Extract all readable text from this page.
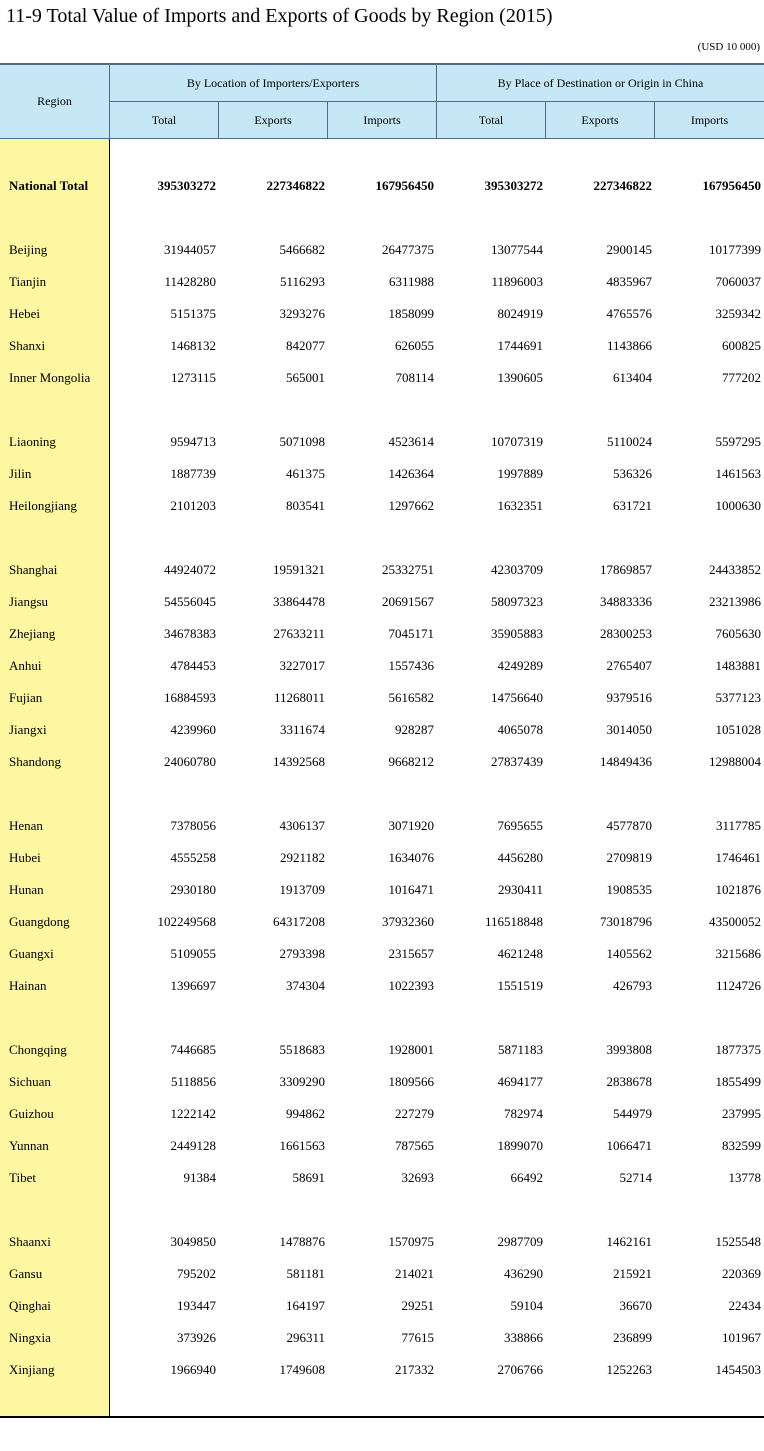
11-9 Total Value of Imports and Exports of Goods by Region (2015)
(USD 10 000)
Region
By Location of Importers/Exporters	By Place of Destination or Origin in China
Total	Exports	Imports	Total	Exports	Imports
National Total	395303272	227346822	167956450	395303272	227346822	167956450
Beijing	31944057	5466682	26477375	13077544	2900145	10177399
Tianjin	11428280	5116293	6311988	11896003	4835967	7060037
Hebei	5151375	3293276	1858099	8024919	4765576	3259342
Shanxi	1468132	842077	626055	1744691	1143866	600825
Inner Mongolia	1273115	565001	708114	1390605	613404	777202
Liaoning	9594713	5071098	4523614	10707319	5110024	5597295
Jilin	1887739	461375	1426364	1997889	536326	1461563
Heilongjiang	2101203	803541	1297662	1632351	631721	1000630
Shanghai	44924072	19591321	25332751	42303709	17869857	24433852
Jiangsu	54556045	33864478	20691567	58097323	34883336	23213986
Zhejiang	34678383	27633211	7045171	35905883	28300253	7605630
Anhui	4784453	3227017	1557436	4249289	2765407	1483881
Fujian	16884593	11268011	5616582	14756640	9379516	5377123
Jiangxi	4239960	3311674	928287	4065078	3014050	1051028
Shandong	24060780	14392568	9668212	27837439	14849436	12988004
Henan	7378056	4306137	3071920	7695655	4577870	3117785
Hubei	4555258	2921182	1634076	4456280	2709819	1746461
Hunan	2930180	1913709	1016471	2930411	1908535	1021876
Guangdong	102249568	64317208	37932360	116518848	73018796	43500052
Guangxi	5109055	2793398	2315657	4621248	1405562	3215686
Hainan	1396697	374304	1022393	1551519	426793	1124726
Chongqing	7446685	5518683	1928001	5871183	3993808	1877375
Sichuan	5118856	3309290	1809566	4694177	2838678	1855499
Guizhou	1222142	994862	227279	782974	544979	237995
Yunnan	2449128	1661563	787565	1899070	1066471	832599
Tibet	91384	58691	32693	66492	52714	13778
Shaanxi	3049850	1478876	1570975	2987709	1462161	1525548
Gansu	795202	581181	214021	436290	215921	220369
Qinghai	193447	164197	29251	59104	36670	22434
Ningxia	373926	296311	77615	338866	236899	101967
Xinjiang	1966940	1749608	217332	2706766	1252263	1454503
